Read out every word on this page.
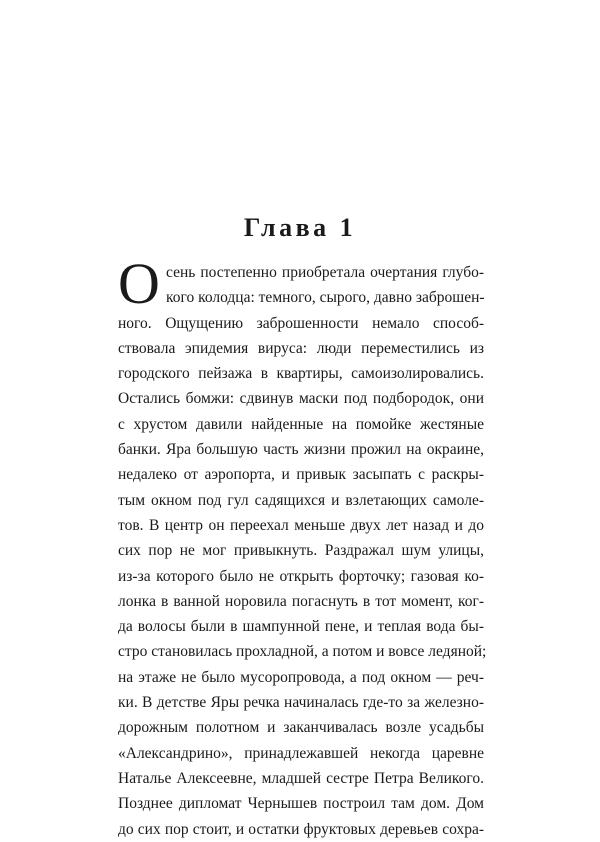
Глава 1
О сень постепенно приобретала очертания глубо-
кого колодца: темного, сырого, давно заброшен-
ного. Ощущению заброшенности немало способ-
ствовала эпидемия вируса: люди переместились из
городского пейзажа в квартиры, самоизолировались.
Остались бомжи: сдвинув маски под подбородок, они
с хрустом давили найденные на помойке жестяные
банки. Яра большую часть жизни прожил на окраине,
недалеко от аэропорта, и привык засыпать с раскры-
тым окном под гул садящихся и взлетающих самоле-
тов. В центр он переехал меньше двух лет назад и до
сих пор не мог привыкнуть. Раздражал шум улицы,
из-за которого было не открыть форточку; газовая ко-
лонка в ванной норовила погаснуть в тот момент, ког-
да волосы были в шампунной пене, и теплая вода бы-
стро становилась прохладной, а потом и вовсе ледяной;
на этаже не было мусоропровода, а под окном — реч-
ки. В детстве Яры речка начиналась где-то за железно-
дорожным полотном и заканчивалась возле усадьбы
«Александрино», принадлежавшей некогда царевне
Наталье Алексеевне, младшей сестре Петра Великого.
Позднее дипломат Чернышев построил там дом. Дом
до сих пор стоит, и остатки фруктовых деревьев сохра-
